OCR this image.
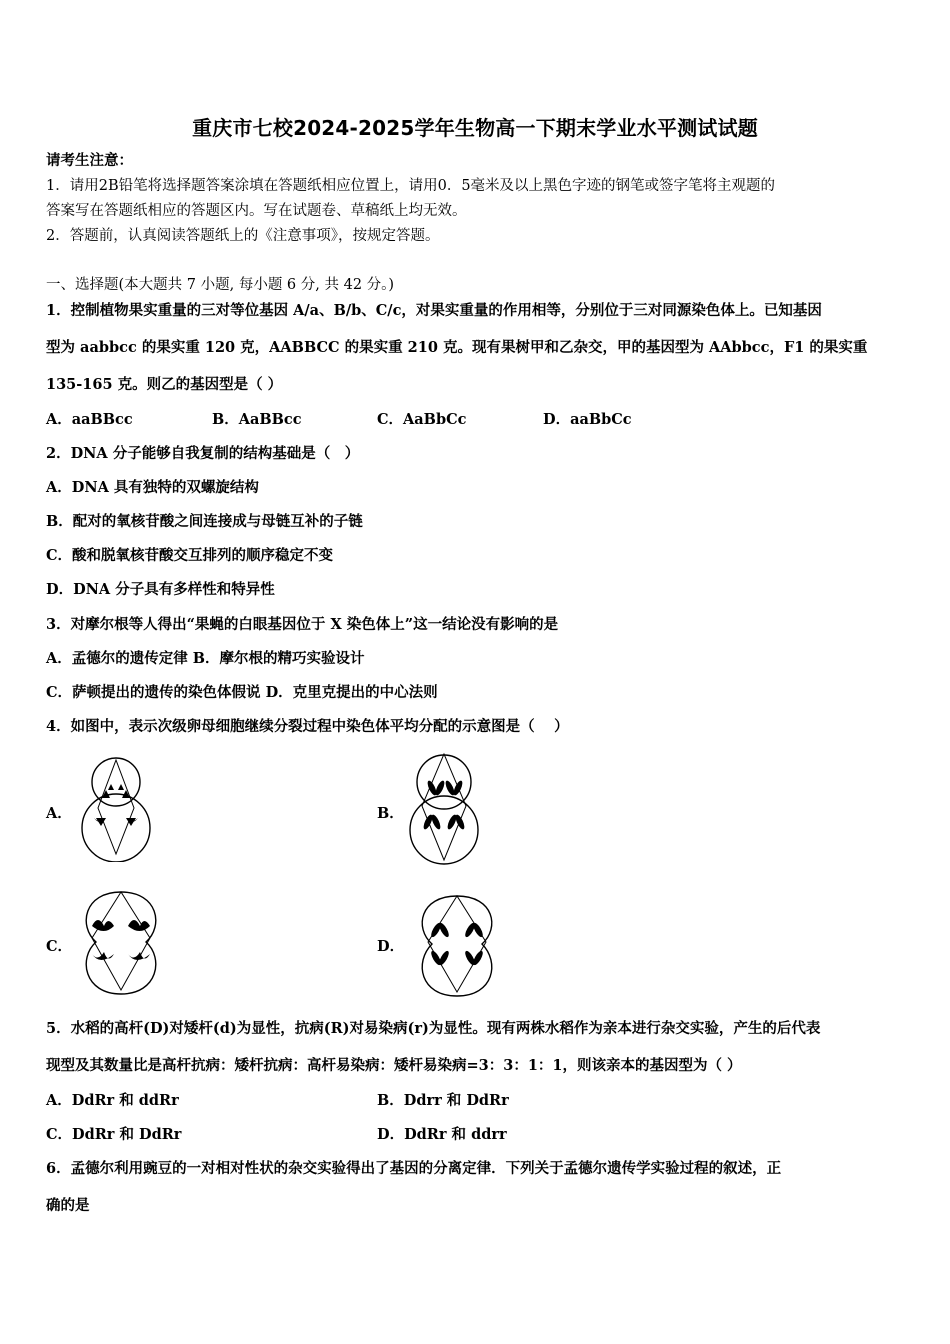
重庆市七校2024-2025学年生物高一下期末学业水平测试试题
请考生注意：
1．请用2B铅笔将选择题答案涂填在答题纸相应位置上，请用0．5毫米及以上黑色字迹的钢笔或签字笔将主观题的
答案写在答题纸相应的答题区内。写在试题卷、草稿纸上均无效。
2．答题前，认真阅读答题纸上的《注意事项》，按规定答题。
一、选择题(本大题共 7 小题, 每小题 6 分, 共 42 分。)
1．控制植物果实重量的三对等位基因 A/a、B/b、C/c，对果实重量的作用相等，分别位于三对同源染色体上。已知基因
型为 aabbcc 的果实重 120 克，AABBCC 的果实重 210 克。现有果树甲和乙杂交，甲的基因型为 AAbbcc，F1 的果实重
135-165 克。则乙的基因型是（ ）
A．aaBBcc	B．AaBBcc	C．AaBbCc	D．aaBbCc
2．DNA 分子能够自我复制的结构基础是（　）
A．DNA 具有独特的双螺旋结构
B．配对的氧核苷酸之间连接成与母链互补的子链
C．酸和脱氧核苷酸交互排列的顺序稳定不变
D．DNA 分子具有多样性和特异性
3．对摩尔根等人得出“果蝇的白眼基因位于 X 染色体上”这一结论没有影响的是
A．孟德尔的遗传定律 B．摩尔根的精巧实验设计
C．萨顿提出的遗传的染色体假说 D．克里克提出的中心法则
4．如图中，表示次级卵母细胞继续分裂过程中染色体平均分配的示意图是（　 ）
A．	B．
C．	D．
5．水稻的高杆(D)对矮杆(d)为显性，抗病(R)对易染病(r)为显性。现有两株水稻作为亲本进行杂交实验，产生的后代表
现型及其数量比是高杆抗病：矮杆抗病：高杆易染病：矮杆易染病=3：3：1：1，则该亲本的基因型为（ ）
A．DdRr 和 ddRr	B．Ddrr 和 DdRr
C．DdRr 和 DdRr	D．DdRr 和 ddrr
6．孟德尔利用豌豆的一对相对性状的杂交实验得出了基因的分离定律．下列关于孟德尔遗传学实验过程的叙述，正
确的是
